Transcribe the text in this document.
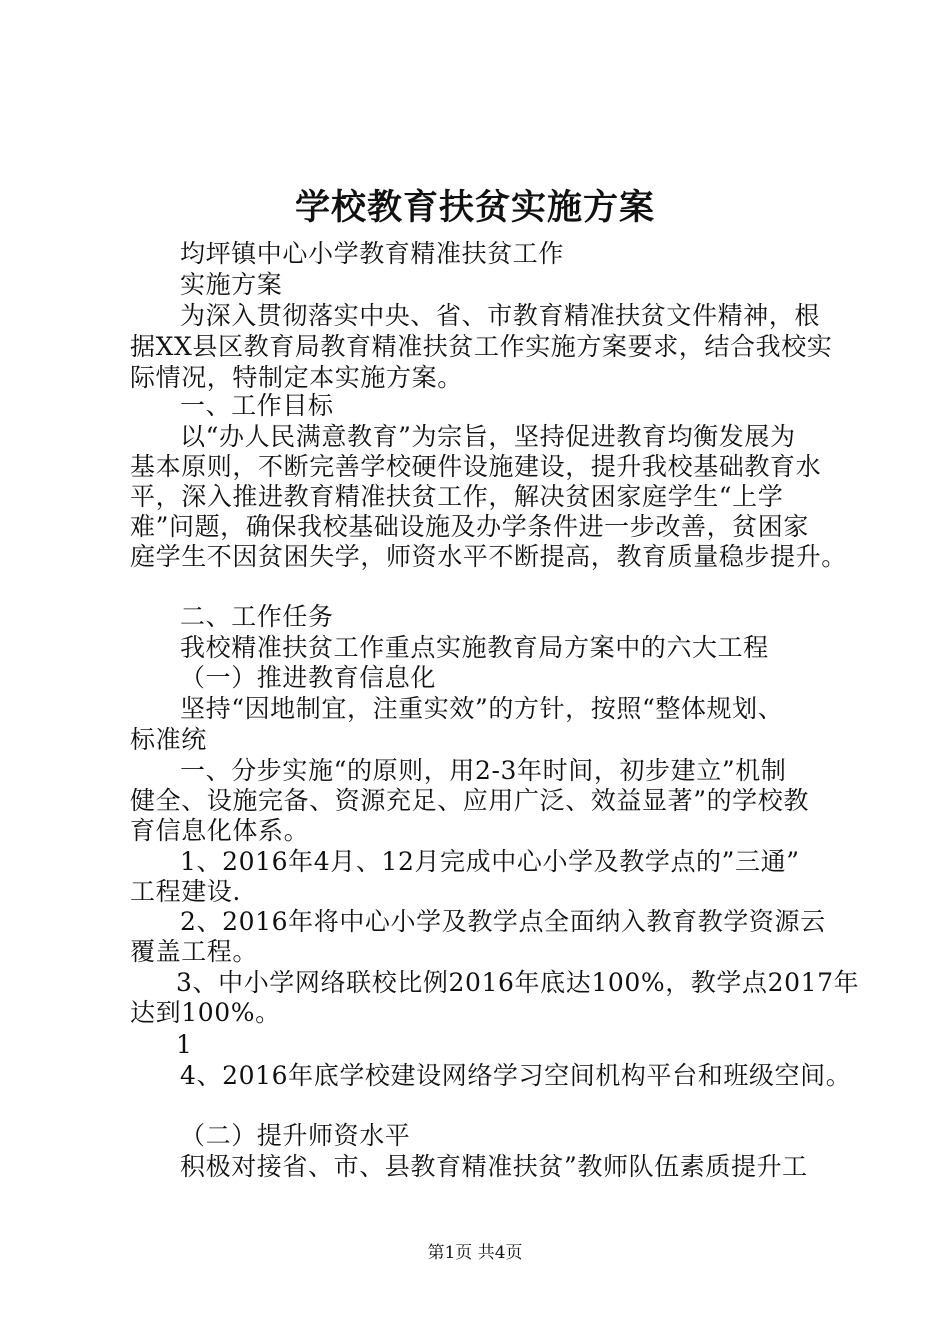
学校教育扶贫实施方案
均坪镇中心小学教育精准扶贫工作
实施方案
为深入贯彻落实中央、省、市教育精准扶贫文件精神，根
据XX县区教育局教育精准扶贫工作实施方案要求，结合我校实
际情况，特制定本实施方案。
一、工作目标
以“办人民满意教育”为宗旨，坚持促进教育均衡发展为
基本原则，不断完善学校硬件设施建设，提升我校基础教育水
平，深入推进教育精准扶贫工作，解决贫困家庭学生“上学
难”问题，确保我校基础设施及办学条件进一步改善，贫困家
庭学生不因贫困失学，师资水平不断提高，教育质量稳步提升。
二、工作任务
我校精准扶贫工作重点实施教育局方案中的六大工程
（一）推进教育信息化
坚持“因地制宜，注重实效”的方针，按照“整体规划、
标准统
一、分步实施“的原则，用2-3年时间，初步建立”机制
健全、设施完备、资源充足、应用广泛、效益显著”的学校教
育信息化体系。
1、2016年4月、12月完成中心小学及教学点的”三通”
工程建设.
2、2016年将中心小学及教学点全面纳入教育教学资源云
覆盖工程。
3、中小学网络联校比例2016年底达100%，教学点2017年
达到100%。
1
4、2016年底学校建设网络学习空间机构平台和班级空间。
（二）提升师资水平
积极对接省、市、县教育精准扶贫”教师队伍素质提升工
第1页 共4页
